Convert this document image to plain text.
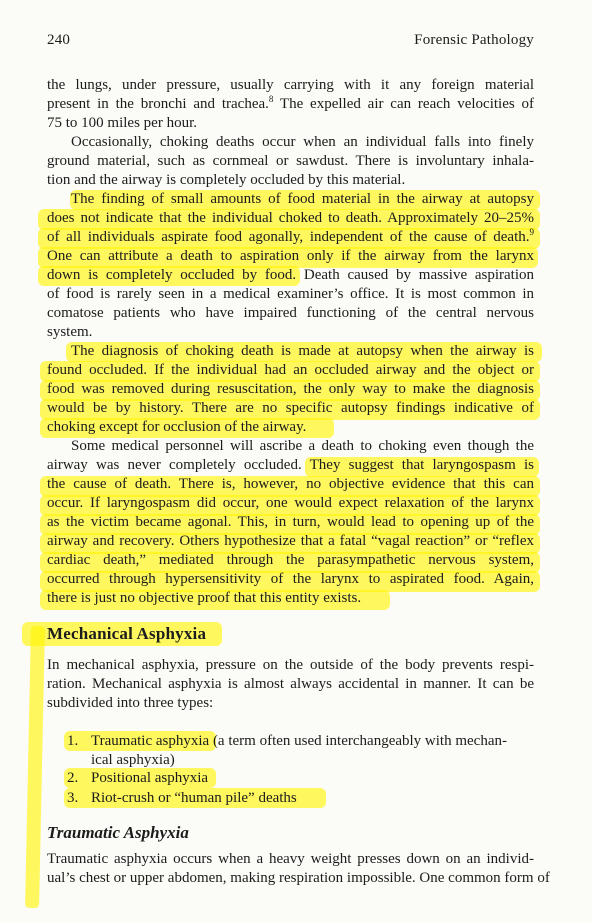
240	Forensic Pathology
the lungs, under pressure, usually carrying with it any foreign material
present in the bronchi and trachea.$^8$ The expelled air can reach velocities of
75 to 100 miles per hour.
Occasionally, choking deaths occur when an individual falls into finely
ground material, such as cornmeal or sawdust. There is involuntary inhala-
tion and the airway is completely occluded by this material.
The finding of small amounts of food material in the airway at autopsy
does not indicate that the individual choked to death. Approximately 20–25%
of all individuals aspirate food agonally, independent of the cause of death.$^9$
One can attribute a death to aspiration only if the airway from the larynx
down is completely occluded by food. Death caused by massive aspiration
of food is rarely seen in a medical examiner’s office. It is most common in
comatose patients who have impaired functioning of the central nervous
system.
The diagnosis of choking death is made at autopsy when the airway is
found occluded. If the individual had an occluded airway and the object or
food was removed during resuscitation, the only way to make the diagnosis
would be by history. There are no specific autopsy findings indicative of
choking except for occlusion of the airway.
Some medical personnel will ascribe a death to choking even though the
airway was never completely occluded. They suggest that laryngospasm is
the cause of death. There is, however, no objective evidence that this can
occur. If laryngospasm did occur, one would expect relaxation of the larynx
as the victim became agonal. This, in turn, would lead to opening up of the
airway and recovery. Others hypothesize that a fatal “vagal reaction” or “reflex
cardiac death,” mediated through the parasympathetic nervous system,
occurred through hypersensitivity of the larynx to aspirated food. Again,
there is just no objective proof that this entity exists.
Mechanical Asphyxia
In mechanical asphyxia, pressure on the outside of the body prevents respi-
ration. Mechanical asphyxia is almost always accidental in manner. It can be
subdivided into three types:
1. Traumatic asphyxia (a term often used interchangeably with mechan-
ical asphyxia)
2. Positional asphyxia
3. Riot-crush or “human pile” deaths
Traumatic Asphyxia
Traumatic asphyxia occurs when a heavy weight presses down on an individ-
ual’s chest or upper abdomen, making respiration impossible. One common form of
